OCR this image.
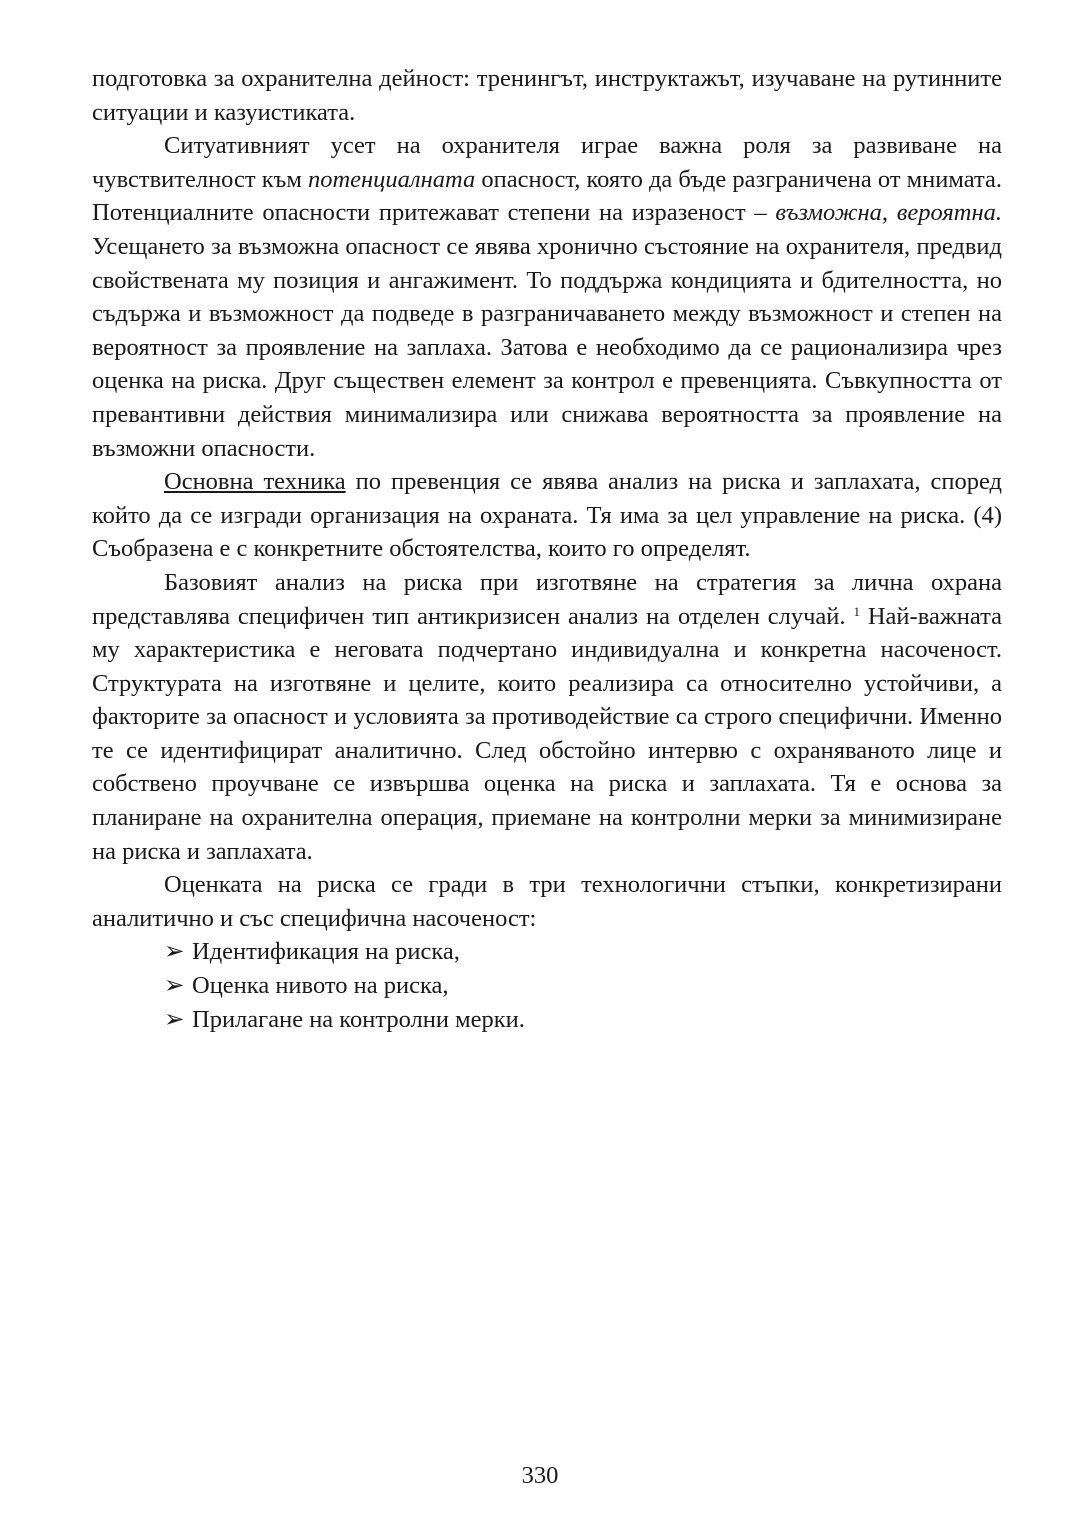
подготовка за охранителна дейност: тренингът, инструктажът, изучаване на рутинните ситуации и казуистиката.

Ситуативният усет на охранителя играе важна роля за развиване на чувствителност към потенциалната опасност, която да бъде разграничена от мнимата. Потенциалните опасности притежават степени на изразеност – възможна, вероятна. Усещането за възможна опасност се явява хронично състояние на охранителя, предвид свойствената му позиция и ангажимент. То поддържа кондицията и бдителността, но съдържа и възможност да подведе в разграничаването между възможност и степен на вероятност за проявление на заплаха. Затова е необходимо да се рационализира чрез оценка на риска. Друг съществен елемент за контрол е превенцията. Съвкупността от превантивни действия минимализира или снижава вероятността за проявление на възможни опасности.

Основна техника по превенция се явява анализ на риска и заплахата, според който да се изгради организация на охраната. Тя има за цел управление на риска. (4) Съобразена е с конкретните обстоятелства, които го определят.

Базовият анализ на риска при изготвяне на стратегия за лична охрана представлява специфичен тип антикризисен анализ на отделен случай. $^1$ Най-важната му характеристика е неговата подчертано индивидуална и конкретна насоченост. Структурата на изготвяне и целите, които реализира са относително устойчиви, а факторите за опасност и условията за противодействие са строго специфични. Именно те се идентифицират аналитично. След обстойно интервю с охраняваното лице и собствено проучване се извършва оценка на риска и заплахата. Тя е основа за планиране на охранителна операция, приемане на контролни мерки за минимизиране на риска и заплахата.

Оценката на риска се гради в три технологични стъпки, конкретизирани аналитично и със специфична насоченост:

➢ Идентификация на риска,
➢ Оценка нивото на риска,
➢ Прилагане на контролни мерки.
330
